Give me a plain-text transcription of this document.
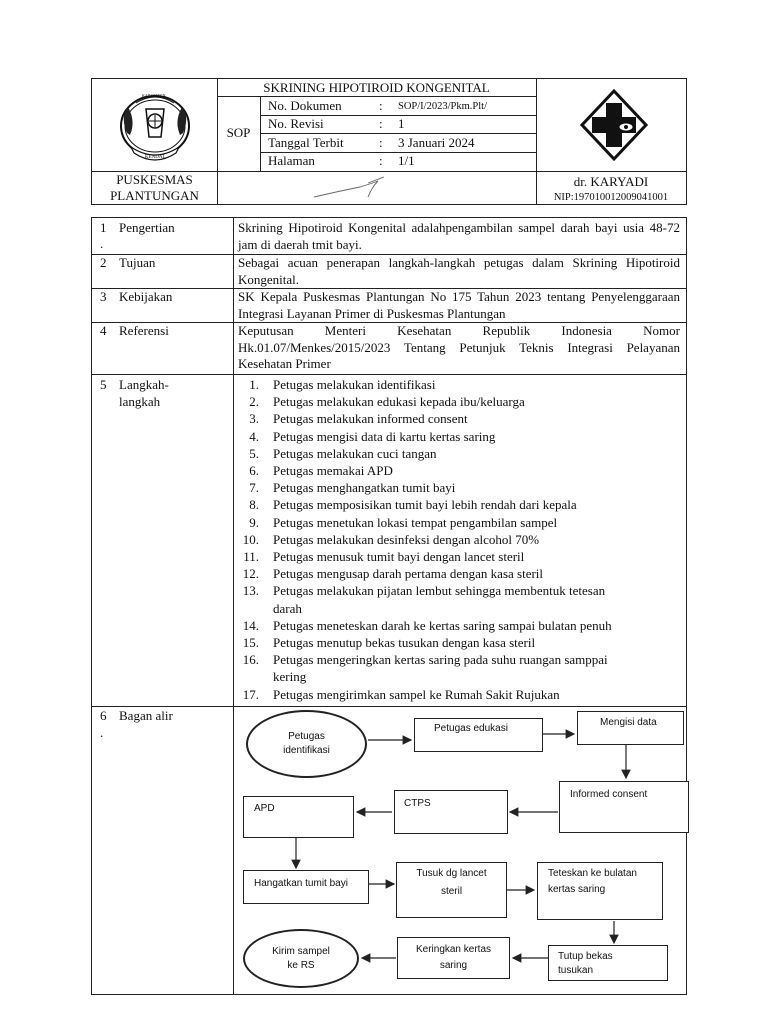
KABUPATEN
KENDAL
SKRINING HIPOTIROID KONGENITAL
SOP
No. Dokumen	: SOP/I/2023/Pkm.Plt/
No. Revisi	: 1
Tanggal Terbit	: 3 Januari 2024
Halaman	: 1/1
PUSKESMAS
PLANTUNGAN
dr. KARYADI
NIP:197010012009041001
1
.
Pengertian	Skrining Hipotiroid Kongenital adalahpengambilan sampel darah bayi usia 48-72 jam di daerah tmit bayi.
2 Tujuan	Sebagai acuan penerapan langkah-langkah petugas dalam Skrining Hipotiroid Kongenital.
3 Kebijakan	SK Kepala Puskesmas Plantungan No 175 Tahun 2023 tentang Penyelenggaraan Integrasi Layanan Primer di Puskesmas Plantungan
4 Referensi	Keputusan Menteri Kesehatan Republik Indonesia Nomor Hk.01.07/Menkes/2015/2023 Tentang Petunjuk Teknis Integrasi Pelayanan Kesehatan Primer
5 Langkah-
langkah
1. Petugas melakukan identifikasi
2. Petugas melakukan edukasi kepada ibu/keluarga
3. Petugas melakukan informed consent
4. Petugas mengisi data di kartu kertas saring
5. Petugas melakukan cuci tangan
6. Petugas memakai APD
7. Petugas menghangatkan tumit bayi
8. Petugas memposisikan tumit bayi lebih rendah dari kepala
9. Petugas menetukan lokasi tempat pengambilan sampel
10. Petugas melakukan desinfeksi dengan alcohol 70%
11. Petugas menusuk tumit bayi dengan lancet steril
12. Petugas mengusap darah pertama dengan kasa steril
13. Petugas melakukan pijatan lembut sehingga membentuk tetesan
darah
14. Petugas meneteskan darah ke kertas saring sampai bulatan penuh
15. Petugas menutup bekas tusukan dengan kasa steril
16. Petugas mengeringkan kertas saring pada suhu ruangan samppai
kering
17. Petugas mengirimkan sampel ke Rumah Sakit Rujukan
6
.
Bagan alir
Petugas
identifikasi
Petugas edukasi
Mengisi data
Informed consent
CTPS
APD
Hangatkan tumit bayi
Tusuk dg lancet
steril
Teteskan ke bulatan
kertas saring
Tutup bekas
tusukan
Keringkan kertas
saring
Kirim sampel
ke RS
